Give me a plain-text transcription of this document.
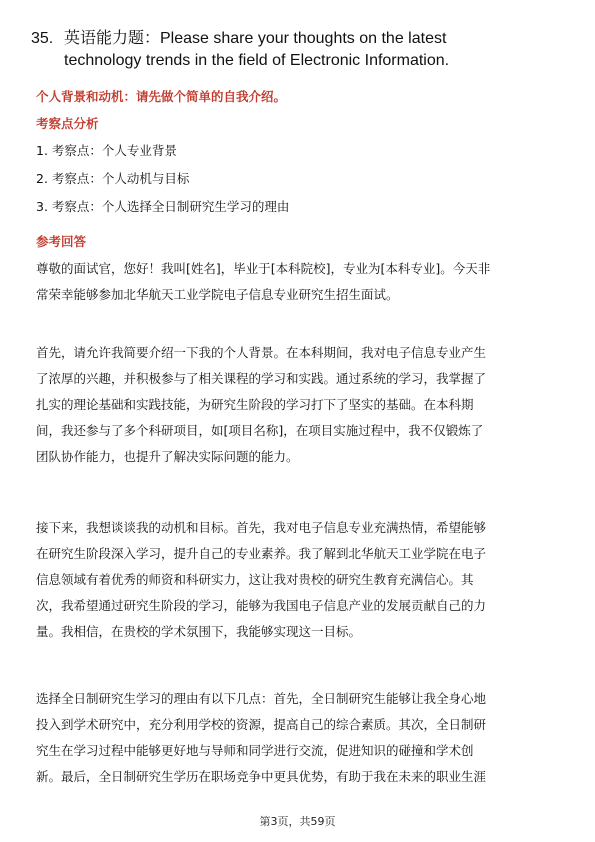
35. 英语能力题：Please share your thoughts on the latest
technology trends in the field of Electronic Information.
个人背景和动机：请先做个简单的自我介绍。
考察点分析
1. 考察点：个人专业背景
2. 考察点：个人动机与目标
3. 考察点：个人选择全日制研究生学习的理由
参考回答
尊敬的面试官，您好！我叫[姓名]，毕业于[本科院校]，专业为[本科专业]。今天非
常荣幸能够参加北华航天工业学院电子信息专业研究生招生面试。
首先，请允许我简要介绍一下我的个人背景。在本科期间，我对电子信息专业产生
了浓厚的兴趣，并积极参与了相关课程的学习和实践。通过系统的学习，我掌握了
扎实的理论基础和实践技能，为研究生阶段的学习打下了坚实的基础。在本科期
间，我还参与了多个科研项目，如[项目名称]，在项目实施过程中，我不仅锻炼了
团队协作能力，也提升了解决实际问题的能力。
接下来，我想谈谈我的动机和目标。首先，我对电子信息专业充满热情，希望能够
在研究生阶段深入学习，提升自己的专业素养。我了解到北华航天工业学院在电子
信息领域有着优秀的师资和科研实力，这让我对贵校的研究生教育充满信心。其
次，我希望通过研究生阶段的学习，能够为我国电子信息产业的发展贡献自己的力
量。我相信，在贵校的学术氛围下，我能够实现这一目标。
选择全日制研究生学习的理由有以下几点：首先，全日制研究生能够让我全身心地
投入到学术研究中，充分利用学校的资源，提高自己的综合素质。其次，全日制研
究生在学习过程中能够更好地与导师和同学进行交流，促进知识的碰撞和学术创
新。最后，全日制研究生学历在职场竞争中更具优势，有助于我在未来的职业生涯
第3页，共59页
